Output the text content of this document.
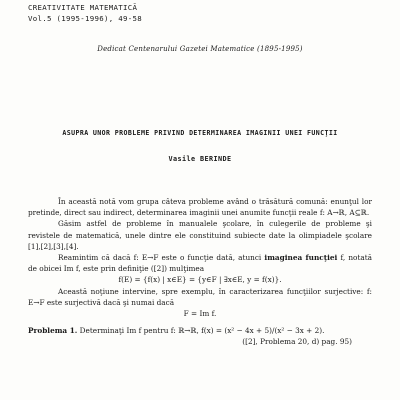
CREATIVITATE MATEMATICĂ
Vol.5 (1995-1996), 49-58
Dedicat Centenarului Gazetei Matematice (1895-1995)
ASUPRA UNOR PROBLEME PRIVIND DETERMINAREA IMAGINII UNEI FUNCŢII
Vasile BERINDE

În această notă vom grupa câteva probleme având o trăsătură comună: enunţul lor pretinde, direct sau indirect, determinarea imaginii unei anumite funcţii reale f: A→ℝ, A⊆ℝ.

Găsim astfel de probleme în manualele şcolare, în culegerile de probleme şi revistele de matematică, unele dintre ele constituind subiecte date la olimpiadele şcolare [1],[2],[3],[4].

Reamintim că dacă f: E→F este o funcţie dată, atunci imaginea funcţiei f, notată de obicei Im f, este prin definiţie ([2]) mulţimea

f(E) = {f(x) | x∈E} = {y∈F | ∃x∈E, y = f(x)}.

Această noţiune intervine, spre exemplu, în caracterizarea funcţiilor surjective: f: E→F este surjectivă dacă şi numai dacă

F = Im f.

Problema 1. Determinaţi Im f pentru f: ℝ→ℝ, f(x) = (x² − 4x + 5)/(x² − 3x + 2).

([2], Problema 20, d) pag. 95)
